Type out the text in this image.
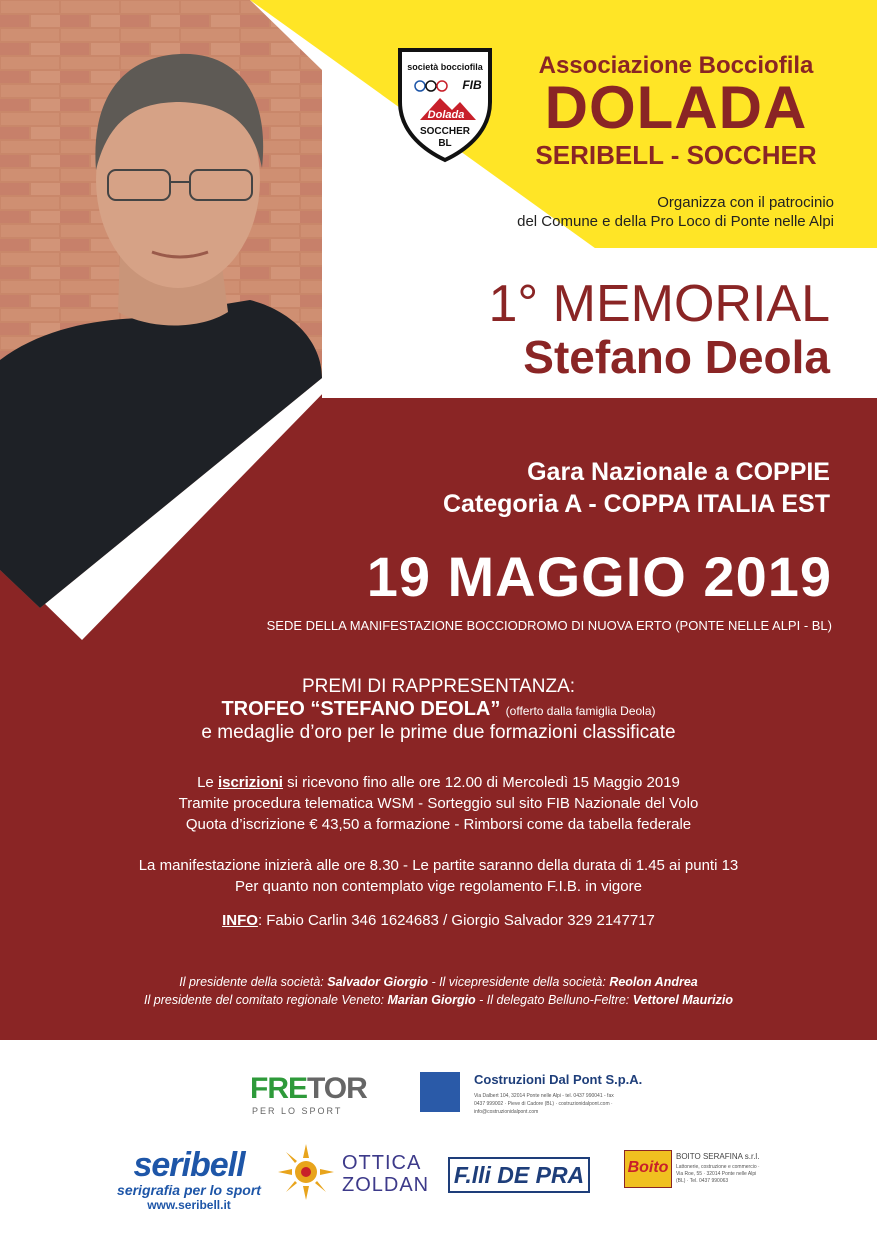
società bocciofila
FIB
Dolada
SOCCHER
BL
Associazione Bocciofila
DOLADA
SERIBELL - SOCCHER
Organizza con il patrocinio
del Comune e della Pro Loco di Ponte nelle Alpi
1° MEMORIAL
Stefano Deola
Gara Nazionale a COPPIE
Categoria A - COPPA ITALIA EST
19 MAGGIO 2019
SEDE DELLA MANIFESTAZIONE BOCCIODROMO DI NUOVA ERTO (PONTE NELLE ALPI - BL)
PREMI DI RAPPRESENTANZA:
TROFEO “STEFANO DEOLA” (offerto dalla famiglia Deola)
e medaglie d’oro per le prime due formazioni classificate
Le iscrizioni si ricevono fino alle ore 12.00 di Mercoledì 15 Maggio 2019
Tramite procedura telematica WSM - Sorteggio sul sito FIB Nazionale del Volo
Quota d’iscrizione € 43,50 a formazione - Rimborsi come da tabella federale
La manifestazione inizierà alle ore 8.30 - Le partite saranno della durata di 1.45 ai punti 13
Per quanto non contemplato vige regolamento F.I.B. in vigore
INFO: Fabio Carlin 346 1624683 / Giorgio Salvador 329 2147717
Il presidente della società: Salvador Giorgio - Il vicepresidente della società: Reolon Andrea
Il presidente del comitato regionale Veneto: Marian Giorgio - Il delegato Belluno-Feltre: Vettorel Maurizio
FRETOR
PER LO SPORT
Costruzioni Dal Pont S.p.A.
Via Dalbert 104, 32014 Ponte nelle Alpi - tel. 0437 990041 - fax 0437 999002 · Pieve di Cadore (BL) · costruzionidalpont.com · info@costruzionidalpont.com
seribell
serigrafia per lo sport
www.seribell.it
OTTICA
ZOLDAN F.lli DE PRA	Boito
BOITO SERAFINA s.r.l.
Lattonerie, costruzione e commercio · Via Roe, 55 · 32014 Ponte nelle Alpi (BL) · Tel. 0437 990063
